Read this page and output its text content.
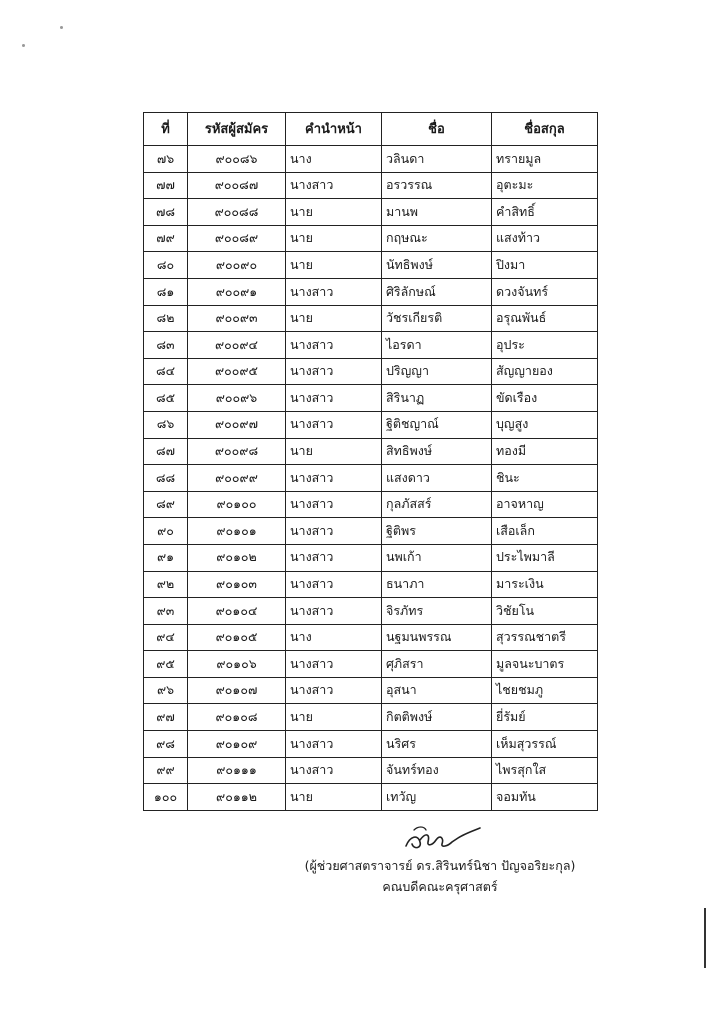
ที่	รหัสผู้สมัคร	คำนำหน้า	ชื่อ	ชื่อสกุล
๗๖	๙๐๐๘๖	นาง	วลินดา	ทรายมูล
๗๗	๙๐๐๘๗	นางสาว	อรวรรณ	อุตะมะ
๗๘	๙๐๐๘๘	นาย	มานพ	คำสิทธิ์
๗๙	๙๐๐๘๙	นาย	กฤษณะ	แสงท้าว
๘๐	๙๐๐๙๐	นาย	นัทธิพงษ์	ปิงมา
๘๑	๙๐๐๙๑	นางสาว	ศิริลักษณ์	ดวงจันทร์
๘๒	๙๐๐๙๓	นาย	วัชรเกียรติ	อรุณพันธ์
๘๓	๙๐๐๙๔	นางสาว	ไอรดา	อุประ
๘๔	๙๐๐๙๕	นางสาว	ปริญญา	สัญญายอง
๘๕	๙๐๐๙๖	นางสาว	สิรินาฏ	ขัดเรือง
๘๖	๙๐๐๙๗	นางสาว	ฐิติชญาณ์	บุญสูง
๘๗	๙๐๐๙๘	นาย	สิทธิพงษ์	ทองมี
๘๘	๙๐๐๙๙	นางสาว	แสงดาว	ชินะ
๘๙	๙๐๑๐๐	นางสาว	กุลภัสสร์	อาจหาญ
๙๐	๙๐๑๐๑	นางสาว	ฐิติพร	เสือเล็ก
๙๑	๙๐๑๐๒	นางสาว	นพเก้า	ประไพมาลี
๙๒	๙๐๑๐๓	นางสาว	ธนาภา	มาระเงิน
๙๓	๙๐๑๐๔	นางสาว	จิรภัทร	วิชัยโน
๙๔	๙๐๑๐๕	นาง	นฐมนพรรณ	สุวรรณชาตรี
๙๕	๙๐๑๐๖	นางสาว	ศุภิสรา	มูลจนะบาตร
๙๖	๙๐๑๐๗	นางสาว	อุสนา	ไชยชมภู
๙๗	๙๐๑๐๘	นาย	กิตติพงษ์	ยี่รัมย์
๙๘	๙๐๑๐๙	นางสาว	นริศร	เห็มสุวรรณ์
๙๙	๙๐๑๑๑	นางสาว	จันทร์ทอง	ไพรสุกใส
๑๐๐	๙๐๑๑๒	นาย	เทวัญ	จอมทัน
(ผู้ช่วยศาสตราจารย์ ดร.สิรินทร์นิชา ปัญจอริยะกุล)
คณบดีคณะครุศาสตร์
